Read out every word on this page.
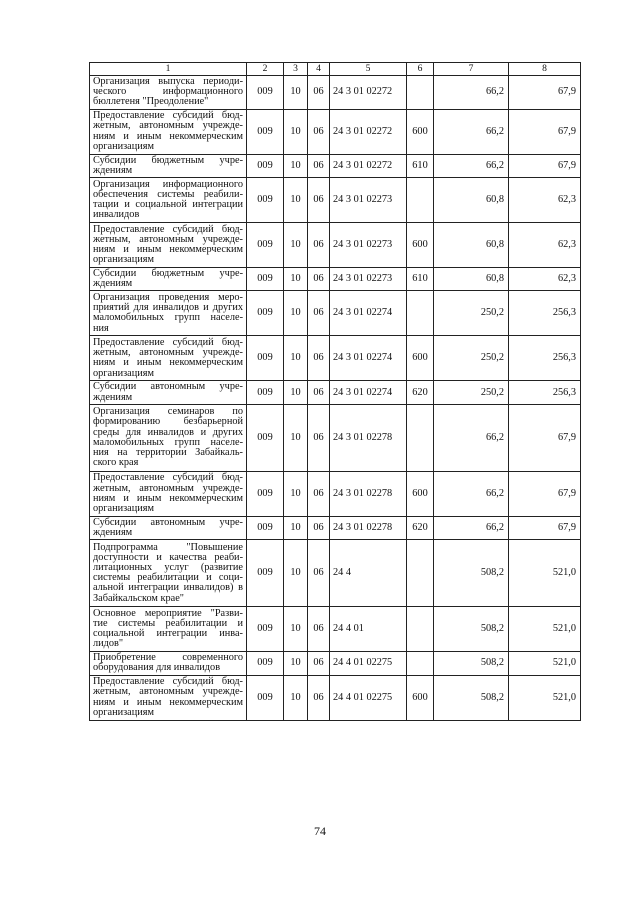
1	2	3	4	5	6	7	8
Организация выпуска периоди- ческого информационного бюллетеня "Преодоление"	009	10	06	24 3 01 02272		66,2	67,9
Предоставление субсидий бюд- жетным, автономным учрежде- ниям и иным некоммерческим организациям	009	10	06	24 3 01 02272	600	66,2	67,9
Субсидии бюджетным учре- ждениям	009	10	06	24 3 01 02272	610	66,2	67,9
Организация информационного обеспечения системы реабили- тации и социальной интеграции инвалидов	009	10	06	24 3 01 02273		60,8	62,3
Предоставление субсидий бюд- жетным, автономным учрежде- ниям и иным некоммерческим организациям	009	10	06	24 3 01 02273	600	60,8	62,3
Субсидии бюджетным учре- ждениям	009	10	06	24 3 01 02273	610	60,8	62,3
Организация проведения меро- приятий для инвалидов и других маломобильных групп населе- ния	009	10	06	24 3 01 02274		250,2	256,3
Предоставление субсидий бюд- жетным, автономным учрежде- ниям и иным некоммерческим организациям	009	10	06	24 3 01 02274	600	250,2	256,3
Субсидии автономным учре- ждениям	009	10	06	24 3 01 02274	620	250,2	256,3
Организация семинаров по формированию безбарьерной среды для инвалидов и других маломобильных групп населе- ния на территории Забайкаль- ского края	009	10	06	24 3 01 02278		66,2	67,9
Предоставление субсидий бюд- жетным, автономным учрежде- ниям и иным некоммерческим организациям	009	10	06	24 3 01 02278	600	66,2	67,9
Субсидии автономным учре- ждениям	009	10	06	24 3 01 02278	620	66,2	67,9
Подпрограмма "Повышение доступности и качества реаби- литационных услуг (развитие системы реабилитации и соци- альной интеграции инвалидов) в Забайкальском крае"	009	10	06	24 4		508,2	521,0
Основное мероприятие "Разви- тие системы реабилитации и социальной интеграции инва- лидов"	009	10	06	24 4 01		508,2	521,0
Приобретение современного оборудования для инвалидов	009	10	06	24 4 01 02275		508,2	521,0
Предоставление субсидий бюд- жетным, автономным учрежде- ниям и иным некоммерческим организациям	009	10	06	24 4 01 02275	600	508,2	521,0
74
